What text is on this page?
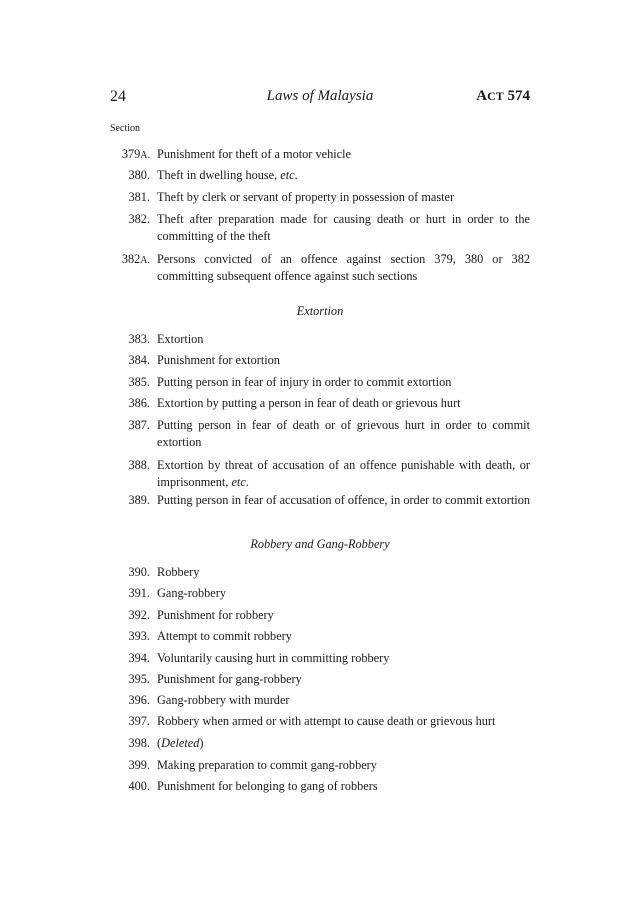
24	Laws of Malaysia	ACT 574
Section
379A. Punishment for theft of a motor vehicle
380. Theft in dwelling house, etc.
381. Theft by clerk or servant of property in possession of master
382. Theft after preparation made for causing death or hurt in order to the committing of the theft
382A. Persons convicted of an offence against section 379, 380 or 382 committing subsequent offence against such sections
Extortion
383. Extortion
384. Punishment for extortion
385. Putting person in fear of injury in order to commit extortion
386. Extortion by putting a person in fear of death or grievous hurt
387. Putting person in fear of death or of grievous hurt in order to commit extortion
388. Extortion by threat of accusation of an offence punishable with death, or imprisonment, etc.
389. Putting person in fear of accusation of offence, in order to commit extortion
Robbery and Gang-Robbery
390. Robbery
391. Gang-robbery
392. Punishment for robbery
393. Attempt to commit robbery
394. Voluntarily causing hurt in committing robbery
395. Punishment for gang-robbery
396. Gang-robbery with murder
397. Robbery when armed or with attempt to cause death or grievous hurt
398. (Deleted)
399. Making preparation to commit gang-robbery
400. Punishment for belonging to gang of robbers
